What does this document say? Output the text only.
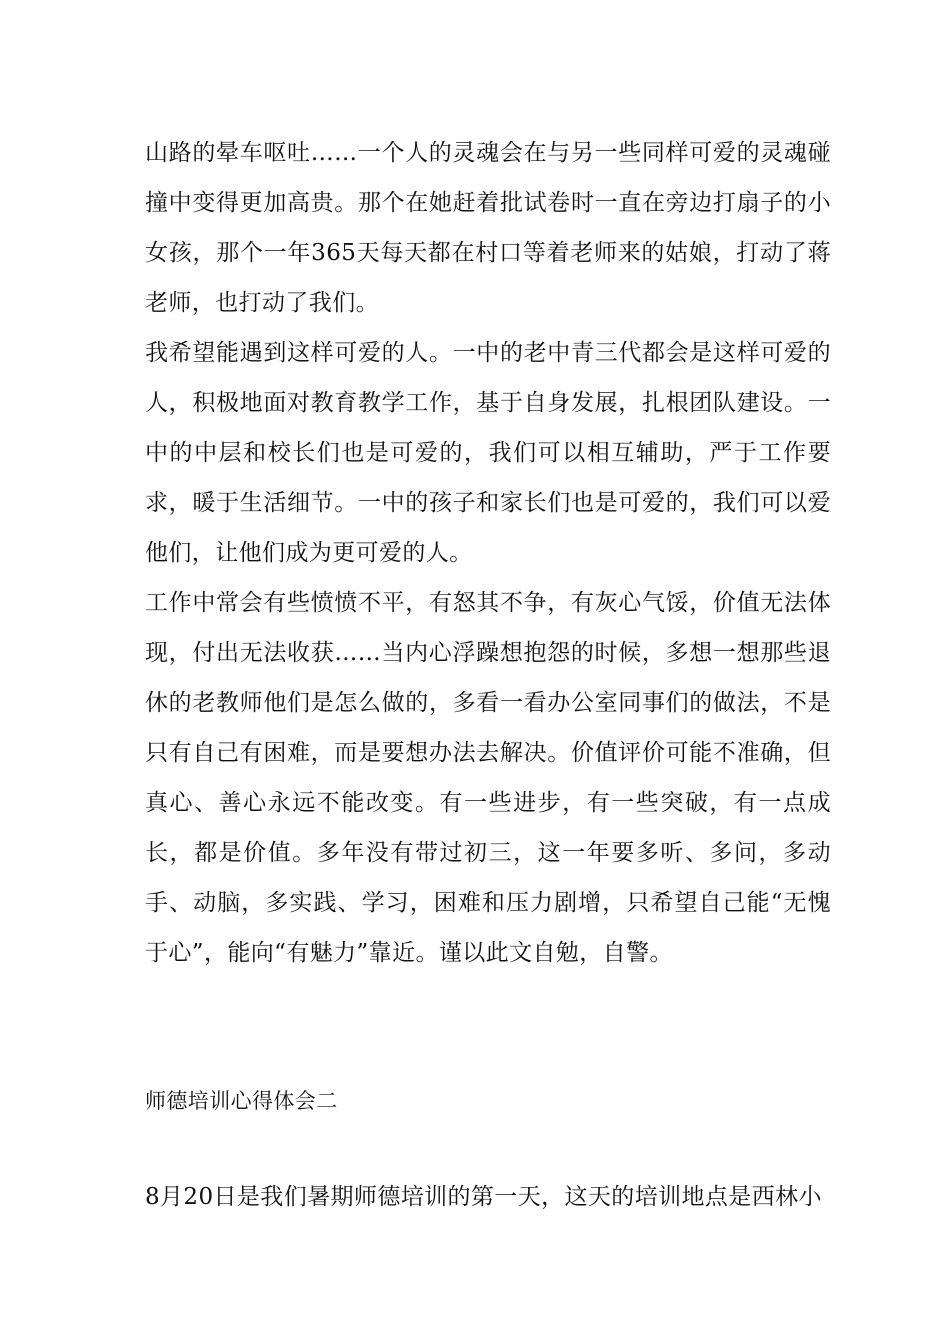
山路的晕车呕吐……一个人的灵魂会在与另一些同样可爱的灵魂碰撞中变得更加高贵。那个在她赶着批试卷时一直在旁边打扇子的小女孩，那个一年365天每天都在村口等着老师来的姑娘，打动了蒋老师，也打动了我们。

我希望能遇到这样可爱的人。一中的老中青三代都会是这样可爱的人，积极地面对教育教学工作，基于自身发展，扎根团队建设。一中的中层和校长们也是可爱的，我们可以相互辅助，严于工作要求，暖于生活细节。一中的孩子和家长们也是可爱的，我们可以爱他们，让他们成为更可爱的人。

工作中常会有些愤愤不平，有怒其不争，有灰心气馁，价值无法体现，付出无法收获……当内心浮躁想抱怨的时候，多想一想那些退休的老教师他们是怎么做的，多看一看办公室同事们的做法，不是只有自己有困难，而是要想办法去解决。价值评价可能不准确，但真心、善心永远不能改变。有一些进步，有一些突破，有一点成长，都是价值。多年没有带过初三，这一年要多听、多问，多动手、动脑，多实践、学习，困难和压力剧增，只希望自己能“无愧于心”，能向“有魅力”靠近。谨以此文自勉，自警。

师德培训心得体会二

8月20日是我们暑期师德培训的第一天，这天的培训地点是西林小
